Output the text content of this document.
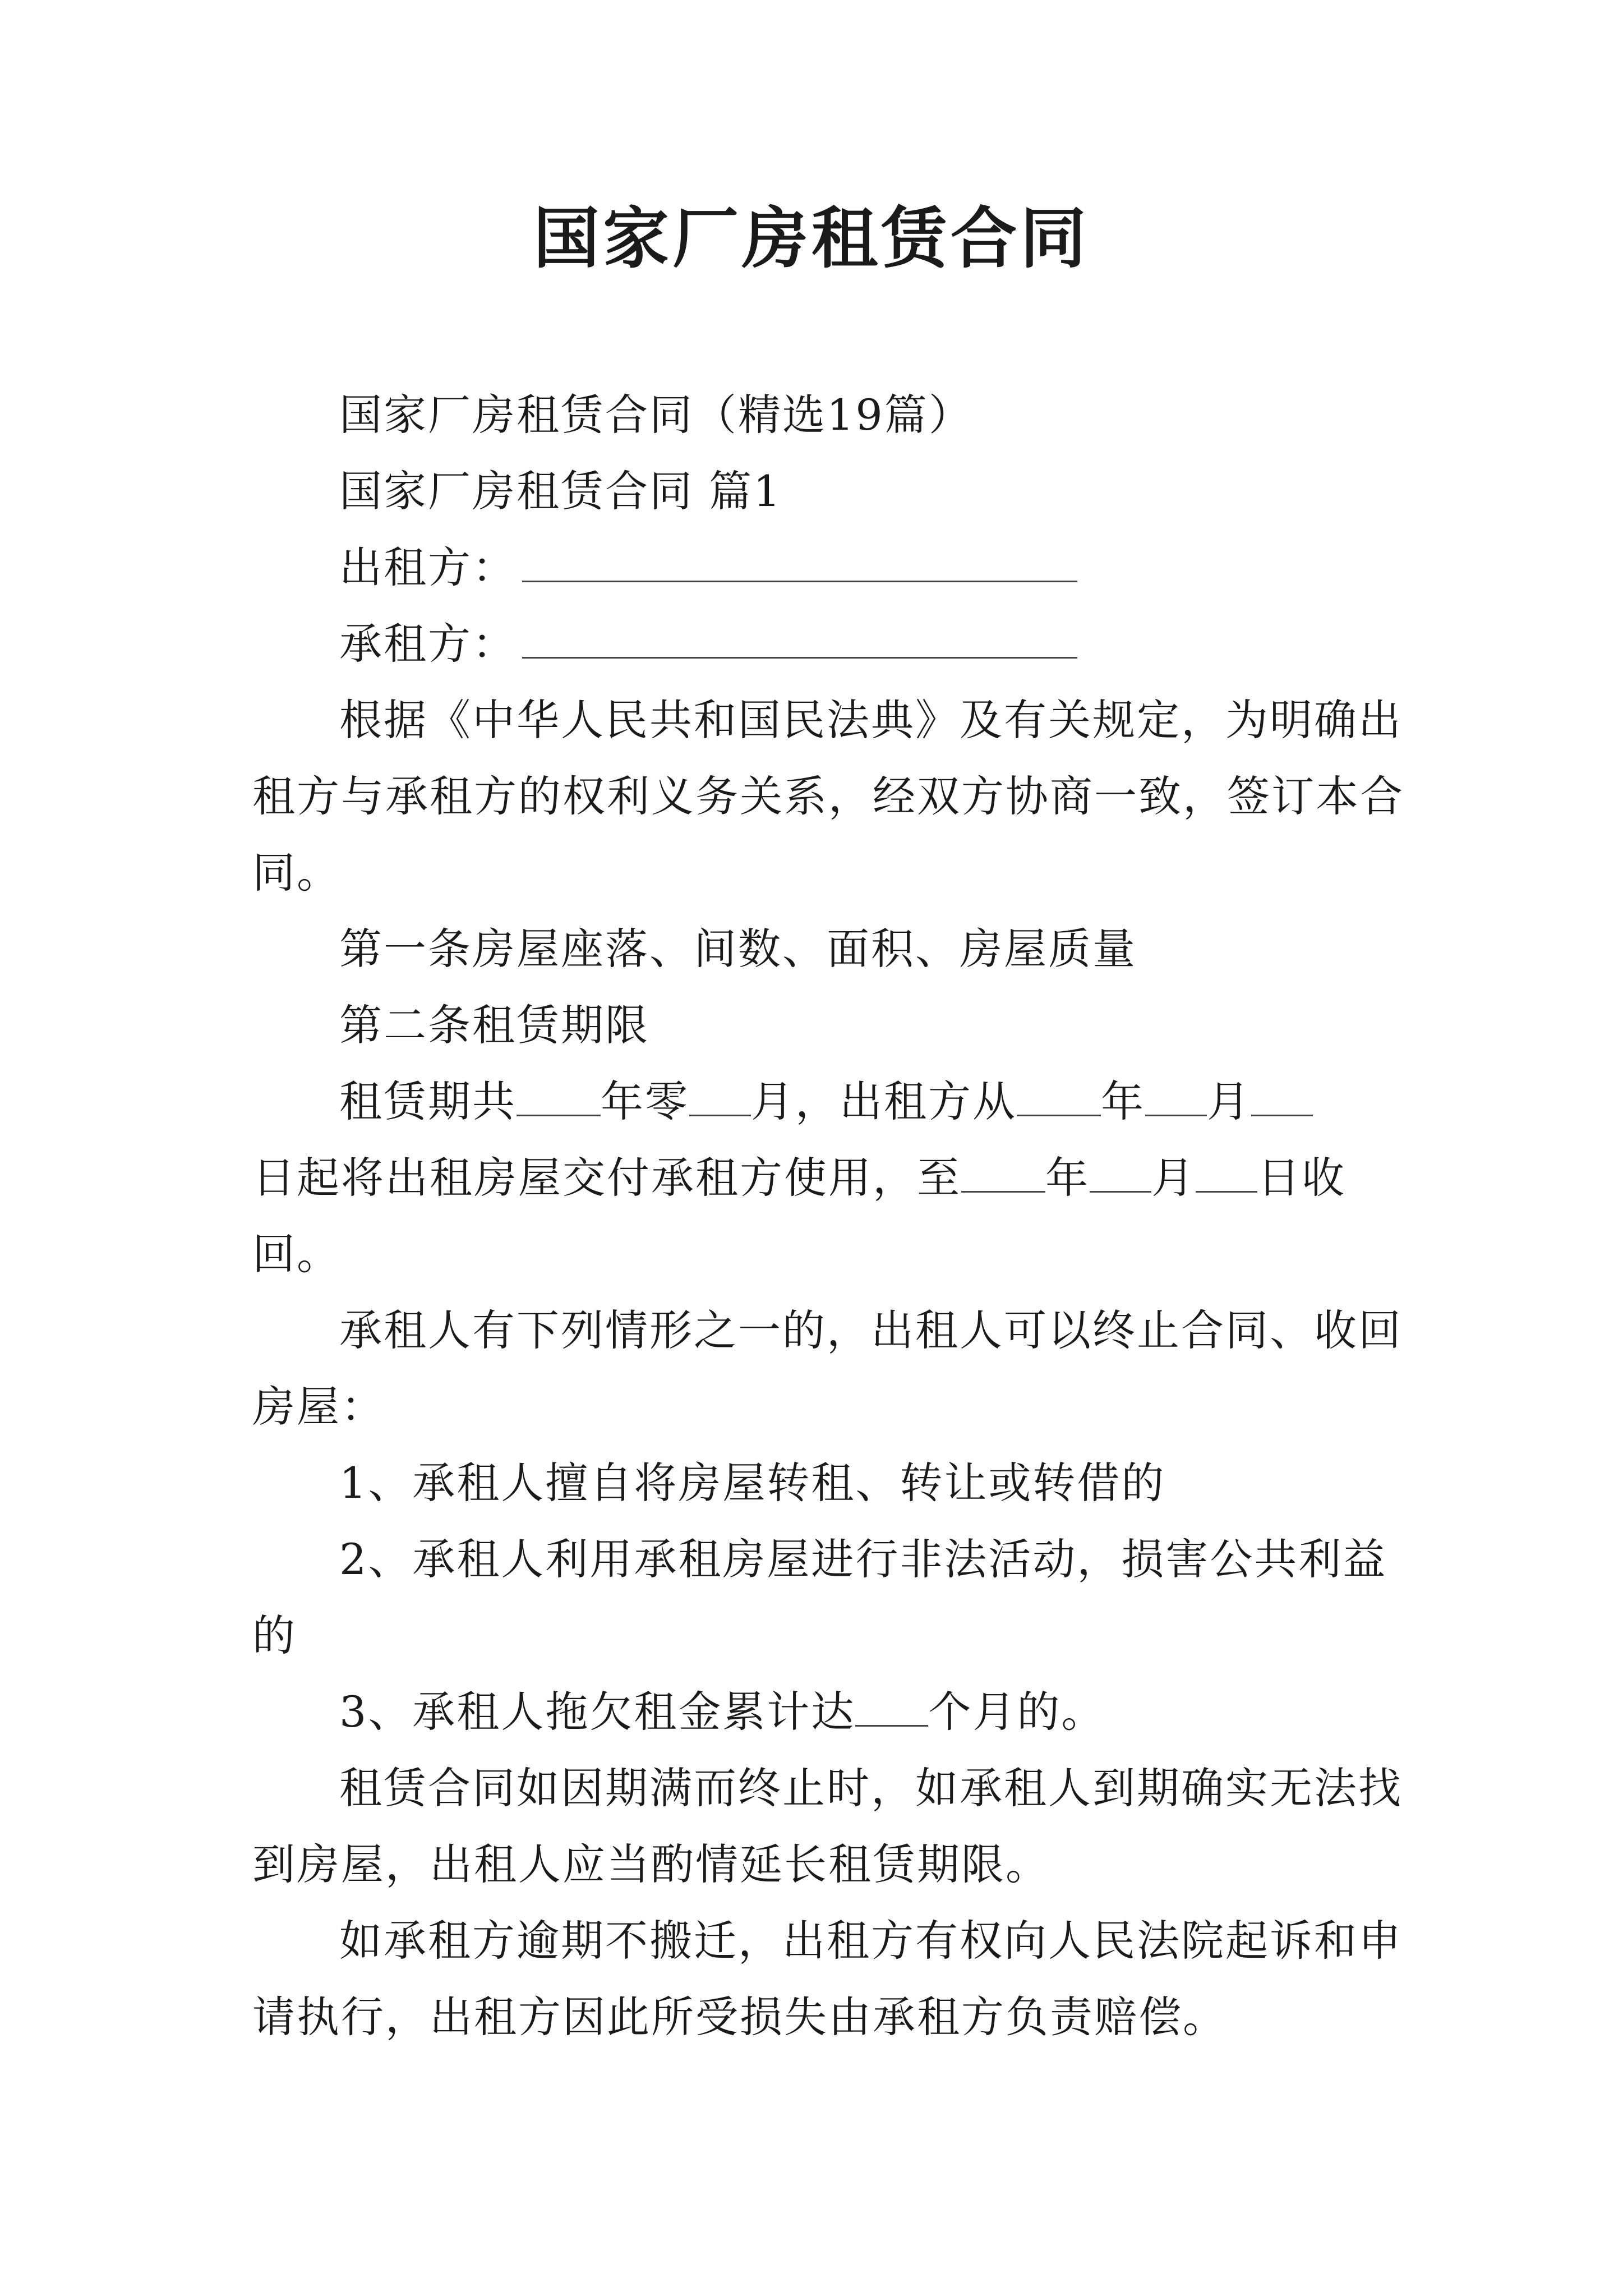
国家厂房租赁合同
国家厂房租赁合同（精选19篇）
国家厂房租赁合同 篇1
出租方：
承租方：
根据《中华人民共和国民法典》及有关规定，为明确出
租方与承租方的权利义务关系，经双方协商一致，签订本合
同。
第一条房屋座落、间数、面积、房屋质量
第二条租赁期限
租赁期共 年零 月，出租方从 年 月
日起将出租房屋交付承租方使用，至 年 月 日收
回。
承租人有下列情形之一的，出租人可以终止合同、收回
房屋：
1、承租人擅自将房屋转租、转让或转借的
2、承租人利用承租房屋进行非法活动，损害公共利益
的
3、承租人拖欠租金累计达 个月的。
租赁合同如因期满而终止时，如承租人到期确实无法找
到房屋，出租人应当酌情延长租赁期限。
如承租方逾期不搬迁，出租方有权向人民法院起诉和申
请执行，出租方因此所受损失由承租方负责赔偿。
